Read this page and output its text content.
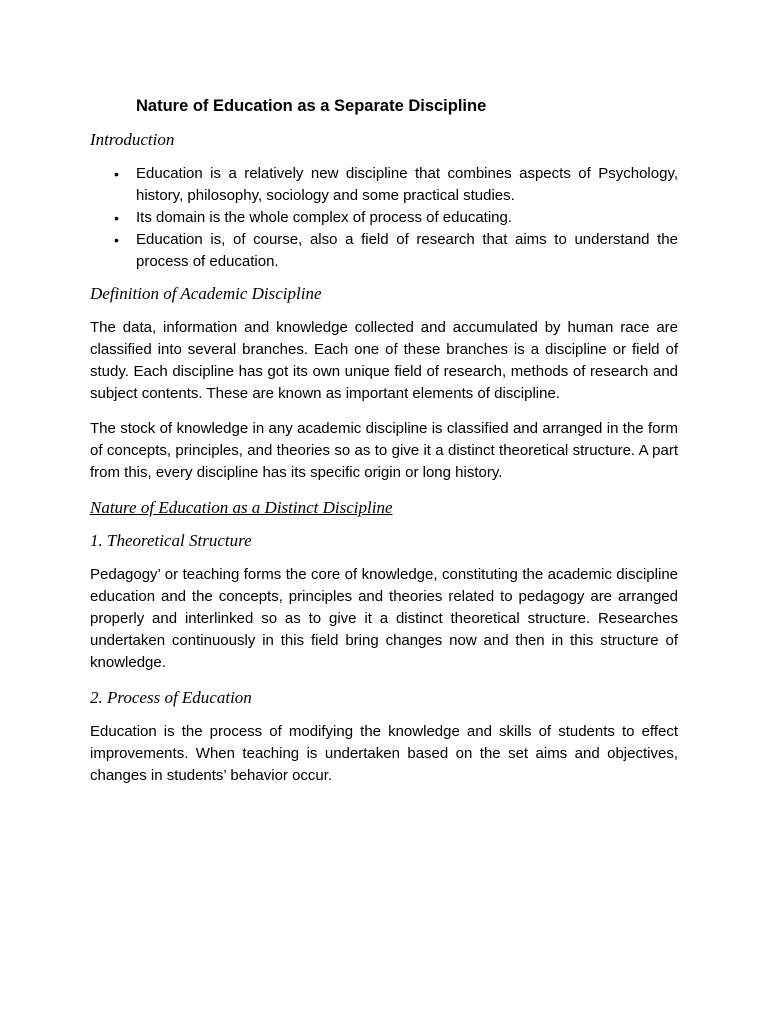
Nature of Education as a Separate Discipline
Introduction
• Education is a relatively new discipline that combines aspects of Psychology, history, philosophy, sociology and some practical studies.
• Its domain is the whole complex of process of educating.
• Education is, of course, also a field of research that aims to understand the process of education.
Definition of Academic Discipline

The data, information and knowledge collected and accumulated by human race are classified into several branches. Each one of these branches is a discipline or field of study. Each discipline has got its own unique field of research, methods of research and subject contents. These are known as important elements of discipline.

The stock of knowledge in any academic discipline is classified and arranged in the form of concepts, principles, and theories so as to give it a distinct theoretical structure. A part from this, every discipline has its specific origin or long history.

Nature of Education as a Distinct Discipline
1. Theoretical Structure

Pedagogy’ or teaching forms the core of knowledge, constituting the academic discipline education and the concepts, principles and theories related to pedagogy are arranged properly and interlinked so as to give it a distinct theoretical structure. Researches undertaken continuously in this field bring changes now and then in this structure of knowledge.

2. Process of Education

Education is the process of modifying the knowledge and skills of students to effect improvements. When teaching is undertaken based on the set aims and objectives, changes in students’ behavior occur.
